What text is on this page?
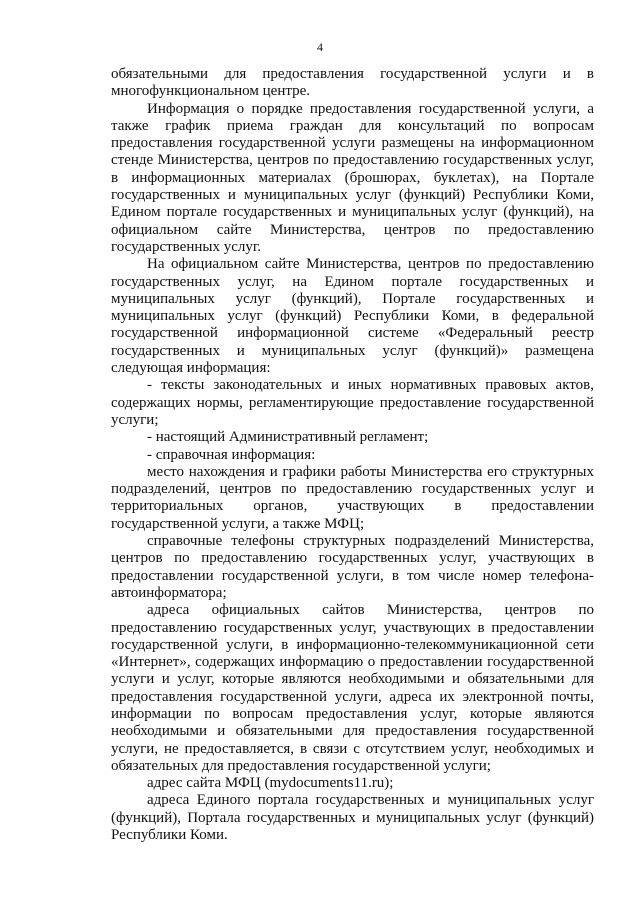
4

обязательными для предоставления государственной услуги и в многофункциональном центре.

Информация о порядке предоставления государственной услуги, а также график приема граждан для консультаций по вопросам предоставления государственной услуги размещены на информационном стенде Министерства, центров по предоставлению государственных услуг, в информационных материалах (брошюрах, буклетах), на Портале государственных и муниципальных услуг (функций) Республики Коми, Едином портале государственных и муниципальных услуг (функций), на официальном сайте Министерства, центров по предоставлению государственных услуг.

На официальном сайте Министерства, центров по предоставлению государственных услуг, на Едином портале государственных и муниципальных услуг (функций), Портале государственных и муниципальных услуг (функций) Республики Коми, в федеральной государственной информационной системе «Федеральный реестр государственных и муниципальных услуг (функций)» размещена следующая информация:

- тексты законодательных и иных нормативных правовых актов, содержащих нормы, регламентирующие предоставление государственной услуги;

- настоящий Административный регламент;

- справочная информация:

место нахождения и графики работы Министерства его структурных подразделений, центров по предоставлению государственных услуг и территориальных органов, участвующих в предоставлении государственной услуги, а также МФЦ;

справочные телефоны структурных подразделений Министерства, центров по предоставлению государственных услуг, участвующих в предоставлении государственной услуги, в том числе номер телефона-автоинформатора;

адреса официальных сайтов Министерства, центров по предоставлению государственных услуг, участвующих в предоставлении государственной услуги, в информационно-телекоммуникационной сети «Интернет», содержащих информацию о предоставлении государственной услуги и услуг, которые являются необходимыми и обязательными для предоставления государственной услуги, адреса их электронной почты, информации по вопросам предоставления услуг, которые являются необходимыми и обязательными для предоставления государственной услуги, не предоставляется, в связи с отсутствием услуг, необходимых и обязательных для предоставления государственной услуги;

адрес сайта МФЦ (mydocuments11.ru);

адреса Единого портала государственных и муниципальных услуг (функций), Портала государственных и муниципальных услуг (функций) Республики Коми.
